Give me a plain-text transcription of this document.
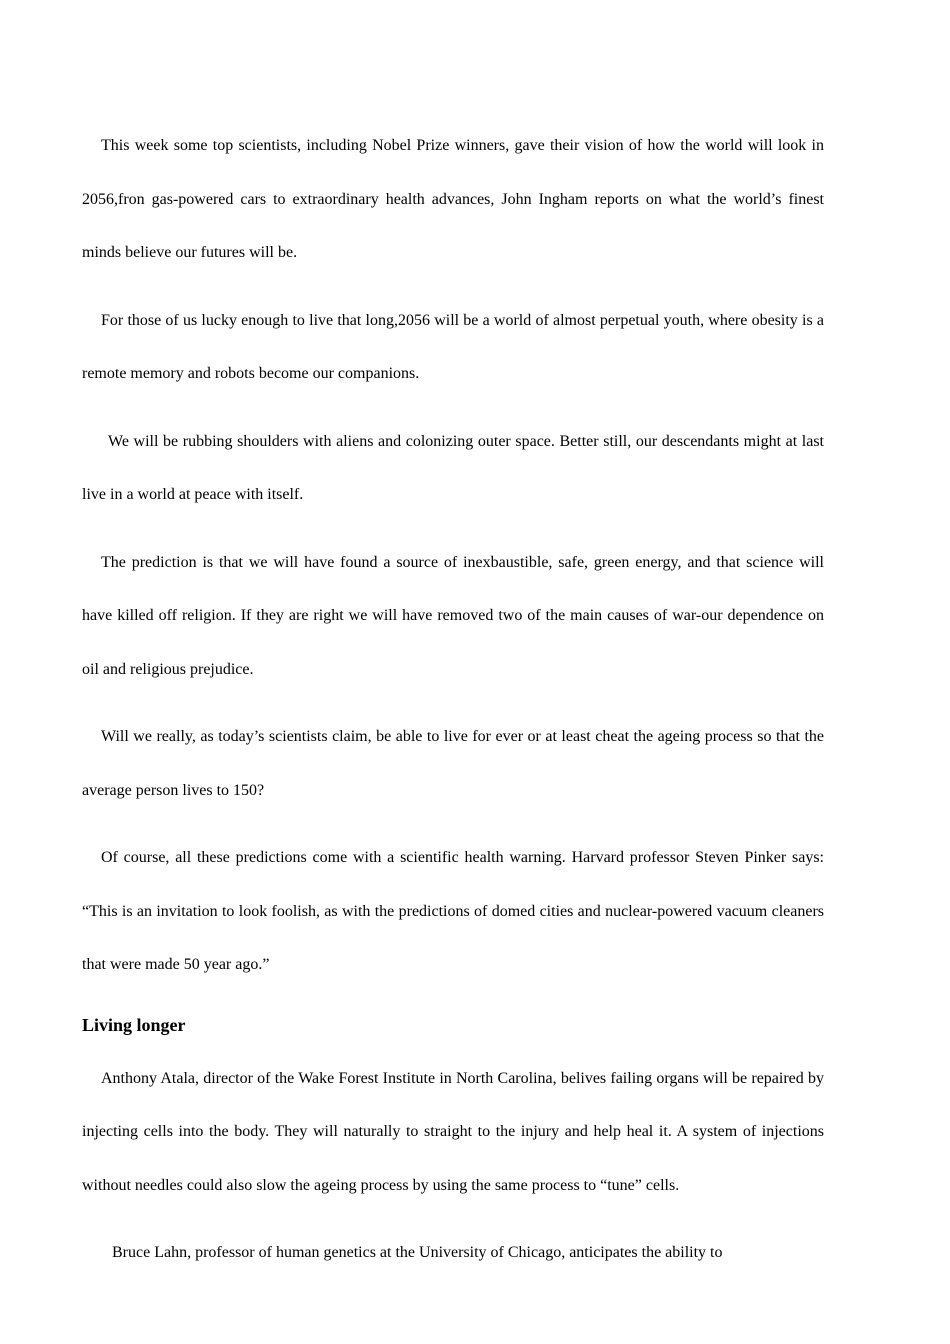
This week some top scientists, including Nobel Prize winners, gave their vision of how the world will look in 2056,fron gas-powered cars to extraordinary health advances, John Ingham reports on what the world’s finest minds believe our futures will be.

For those of us lucky enough to live that long,2056 will be a world of almost perpetual youth, where obesity is a remote memory and robots become our companions.

We will be rubbing shoulders with aliens and colonizing outer space. Better still, our descendants might at last live in a world at peace with itself.

The prediction is that we will have found a source of inexbaustible, safe, green energy, and that science will have killed off religion. If they are right we will have removed two of the main causes of war-our dependence on oil and religious prejudice.

Will we really, as today’s scientists claim, be able to live for ever or at least cheat the ageing process so that the average person lives to 150?

Of course, all these predictions come with a scientific health warning. Harvard professor Steven Pinker says: “This is an invitation to look foolish, as with the predictions of domed cities and nuclear-powered vacuum cleaners that were made 50 year ago.”

Living longer

Anthony Atala, director of the Wake Forest Institute in North Carolina, belives failing organs will be repaired by injecting cells into the body. They will naturally to straight to the injury and help heal it. A system of injections without needles could also slow the ageing process by using the same process to “tune” cells.

Bruce Lahn, professor of human genetics at the University of Chicago, anticipates the ability to
